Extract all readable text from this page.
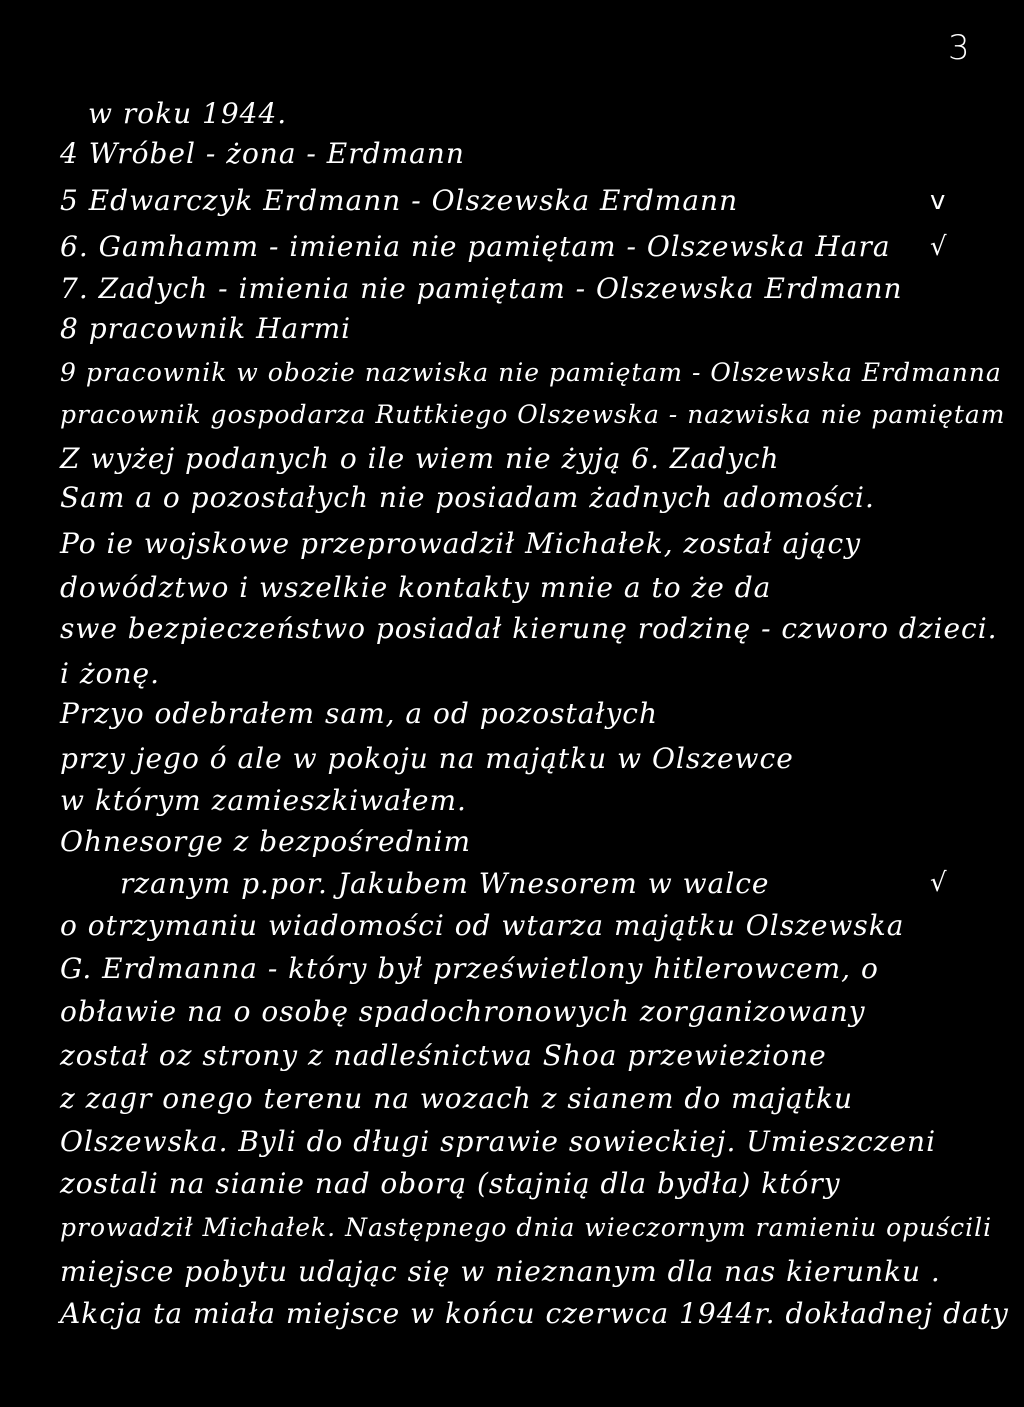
3
w roku 1944.
4 Wróbel - żona - Erdmann
5 Edwarczyk Erdmann - Olszewska Erdmann
6. Gamhamm - imienia nie pamiętam - Olszewska Hara
7. Zadych - imienia nie pamiętam - Olszewska Erdmann
8 pracownik Harmi
9 pracownik w obozie nazwiska nie pamiętam - Olszewska Erdmanna
pracownik gospodarza Ruttkiego Olszewska - nazwiska nie pamiętam
Z wyżej podanych o ile wiem nie żyją 6. Zadych
Sam a o pozostałych nie posiadam żadnych adomości.
Po ie wojskowe przeprowadził Michałek, został ający
dowództwo i wszelkie kontakty mnie a to że da
swe bezpieczeństwo posiadał kierunę rodzinę - czworo dzieci.
i żonę.
Przyo odebrałem sam, a od pozostałych
przy jego ó ale w pokoju na majątku w Olszewce
w którym zamieszkiwałem.
Ohnesorge z bezpośrednim
rzanym p.por. Jakubem Wnesorem w walce
o otrzymaniu wiadomości od wtarza majątku Olszewska
G. Erdmanna - który był prześwietlony hitlerowcem, o
obławie na o osobę spadochronowych zorganizowany
został oz strony z nadleśnictwa Shoa przewiezione
z zagr onego terenu na wozach z sianem do majątku
Olszewska. Byli do długi sprawie sowieckiej. Umieszczeni
zostali na sianie nad oborą (stajnią dla bydła) który
prowadził Michałek. Następnego dnia wieczornym ramieniu opuścili
miejsce pobytu udając się w nieznanym dla nas kierunku .
Akcja ta miała miejsce w końcu czerwca 1944r. dokładnej daty
v
√
√
